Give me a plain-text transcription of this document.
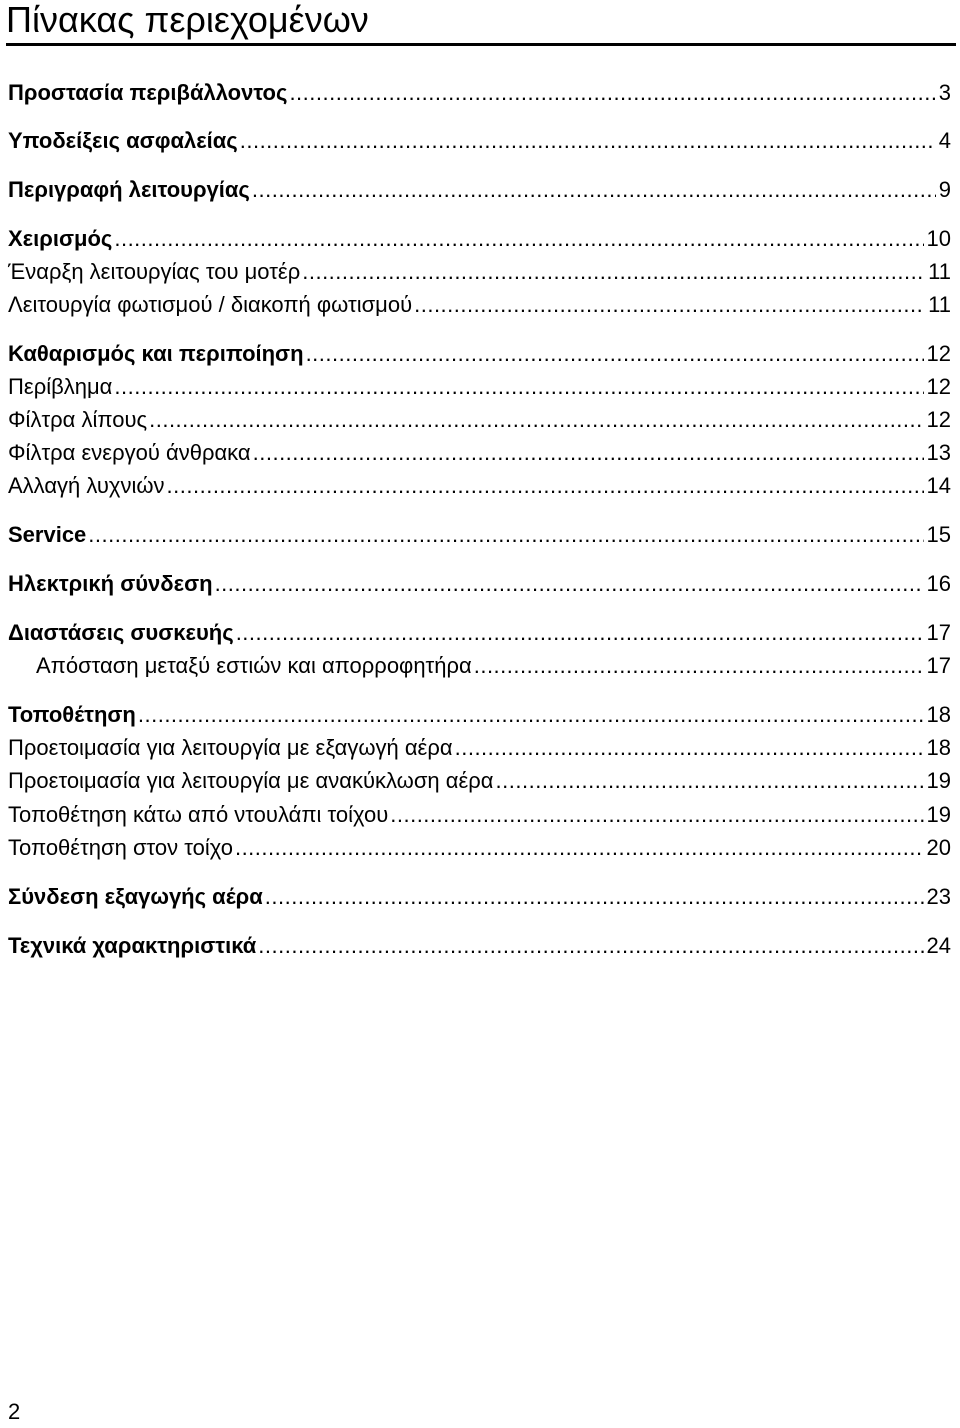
Πίνακας περιεχομένων
Προστασία περιβάλλοντος .....	3
Υποδείξεις ασφαλείας .....	4
Περιγραφή λειτουργίας .....	9
Χειρισμός .....	10
Έναρξη λειτουργίας του μοτέρ .....	11
Λειτουργία φωτισμού / διακοπή φωτισμού .....	11
Καθαρισμός και περιποίηση .....	12
Περίβλημα .....	12
Φίλτρα λίπους .....	12
Φίλτρα ενεργού άνθρακα .....	13
Αλλαγή λυχνιών .....	14
Service .....	15
Ηλεκτρική σύνδεση .....	16
Διαστάσεις συσκευής .....	17
Απόσταση μεταξύ εστιών και απορροφητήρα .....	17
Τοποθέτηση .....	18
Προετοιμασία για λειτουργία με εξαγωγή αέρα .....	18
Προετοιμασία για λειτουργία με ανακύκλωση αέρα .....	19
Τοποθέτηση κάτω από ντουλάπι τοίχου .....	19
Τοποθέτηση στον τοίχο .....	20
Σύνδεση εξαγωγής αέρα .....	23
Τεχνικά χαρακτηριστικά .....	24
2
